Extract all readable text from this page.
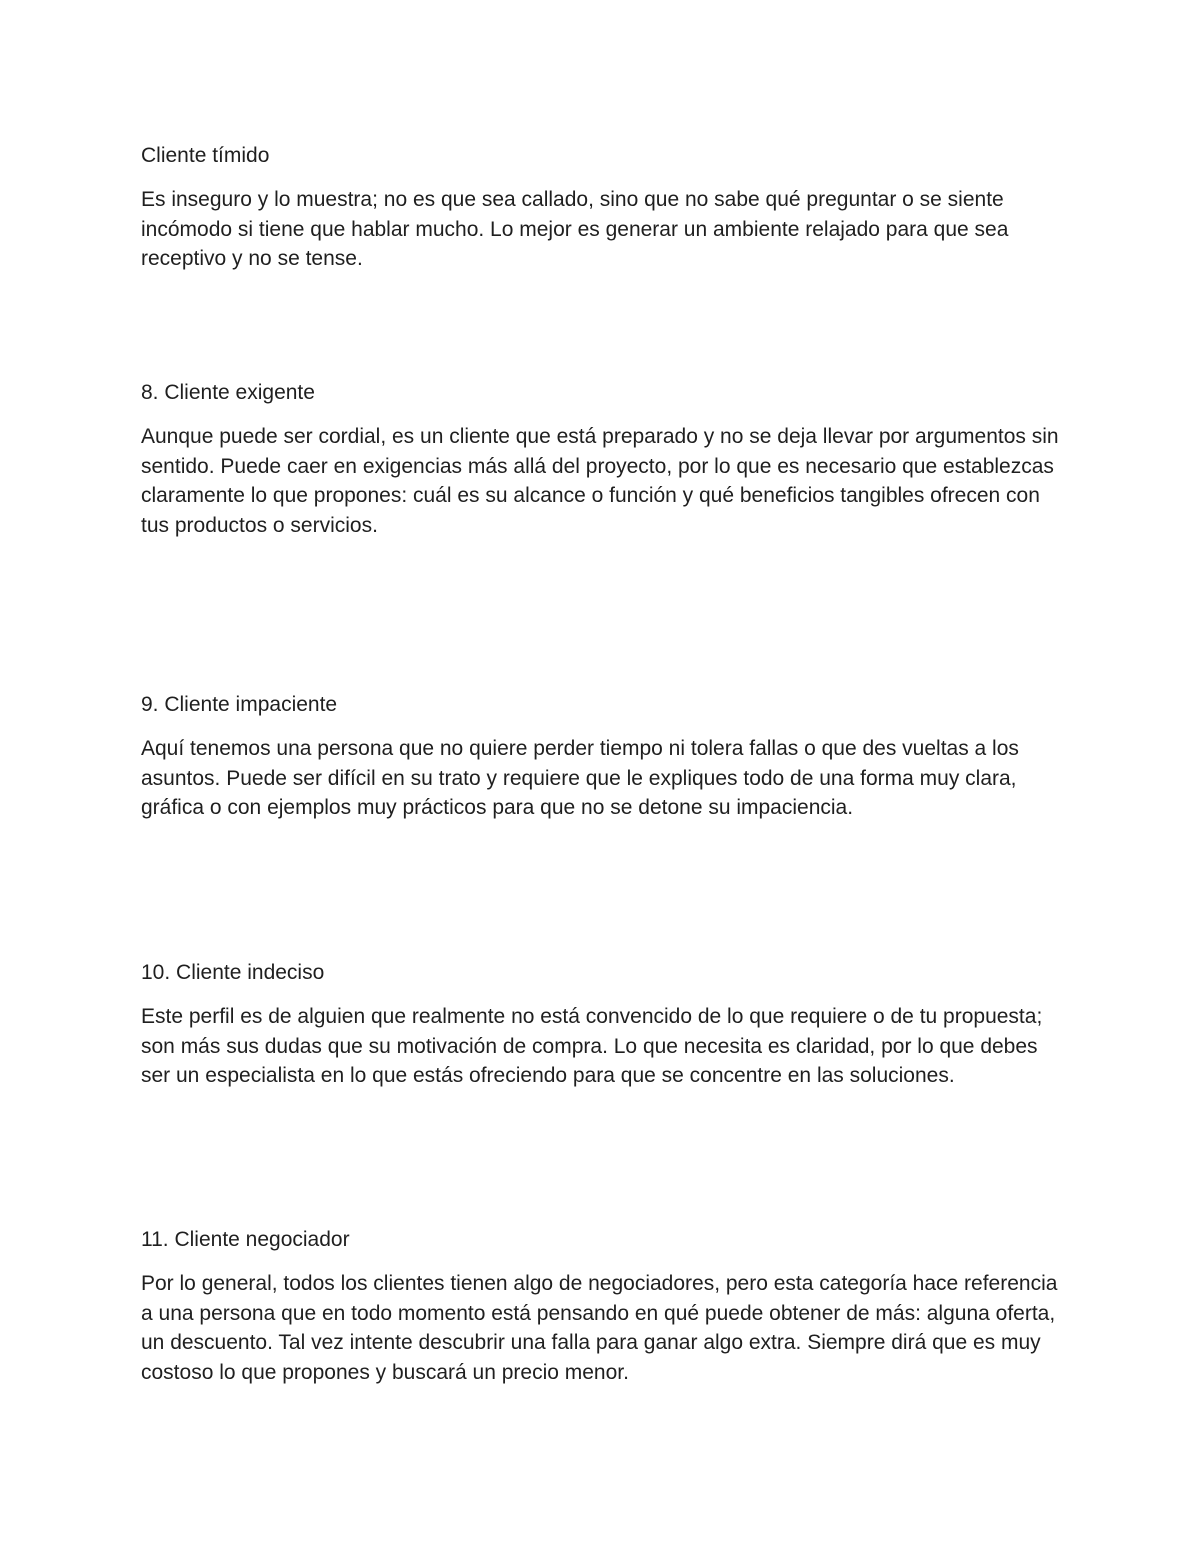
Cliente tímido

Es inseguro y lo muestra; no es que sea callado, sino que no sabe qué preguntar o se siente incómodo si tiene que hablar mucho. Lo mejor es generar un ambiente relajado para que sea receptivo y no se tense.

8. Cliente exigente

Aunque puede ser cordial, es un cliente que está preparado y no se deja llevar por argumentos sin sentido. Puede caer en exigencias más allá del proyecto, por lo que es necesario que establezcas claramente lo que propones: cuál es su alcance o función y qué beneficios tangibles ofrecen con tus productos o servicios.

9. Cliente impaciente

Aquí tenemos una persona que no quiere perder tiempo ni tolera fallas o que des vueltas a los asuntos. Puede ser difícil en su trato y requiere que le expliques todo de una forma muy clara, gráfica o con ejemplos muy prácticos para que no se detone su impaciencia.

10. Cliente indeciso

Este perfil es de alguien que realmente no está convencido de lo que requiere o de tu propuesta; son más sus dudas que su motivación de compra. Lo que necesita es claridad, por lo que debes ser un especialista en lo que estás ofreciendo para que se concentre en las soluciones.

11. Cliente negociador

Por lo general, todos los clientes tienen algo de negociadores, pero esta categoría hace referencia a una persona que en todo momento está pensando en qué puede obtener de más: alguna oferta, un descuento. Tal vez intente descubrir una falla para ganar algo extra. Siempre dirá que es muy costoso lo que propones y buscará un precio menor.
